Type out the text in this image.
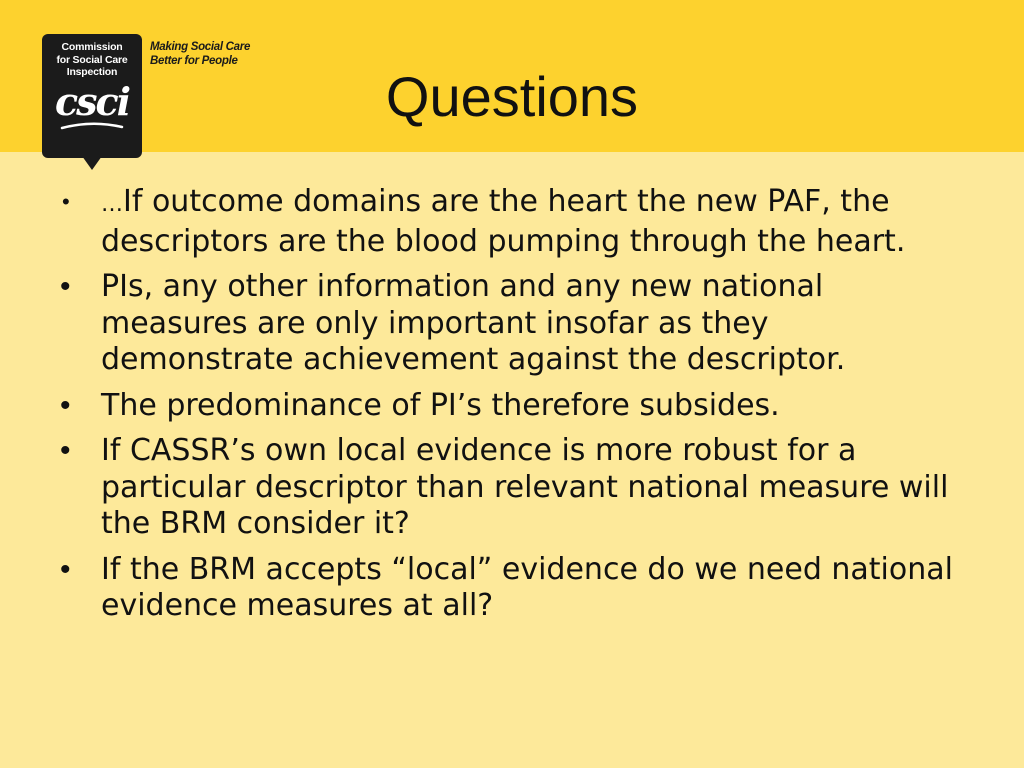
Commission
for Social Care
Inspection
csci
Making Social Care
Better for People
Questions
• …If outcome domains are the heart the new PAF, the descriptors are the blood pumping through the heart.
• PIs, any other information and any new national measures are only important insofar as they demonstrate achievement against the descriptor.
• The predominance of PI’s therefore subsides.
• If CASSR’s own local evidence is more robust for a particular descriptor than relevant national measure will the BRM consider it?
• If the BRM accepts “local” evidence do we need national evidence measures at all?
